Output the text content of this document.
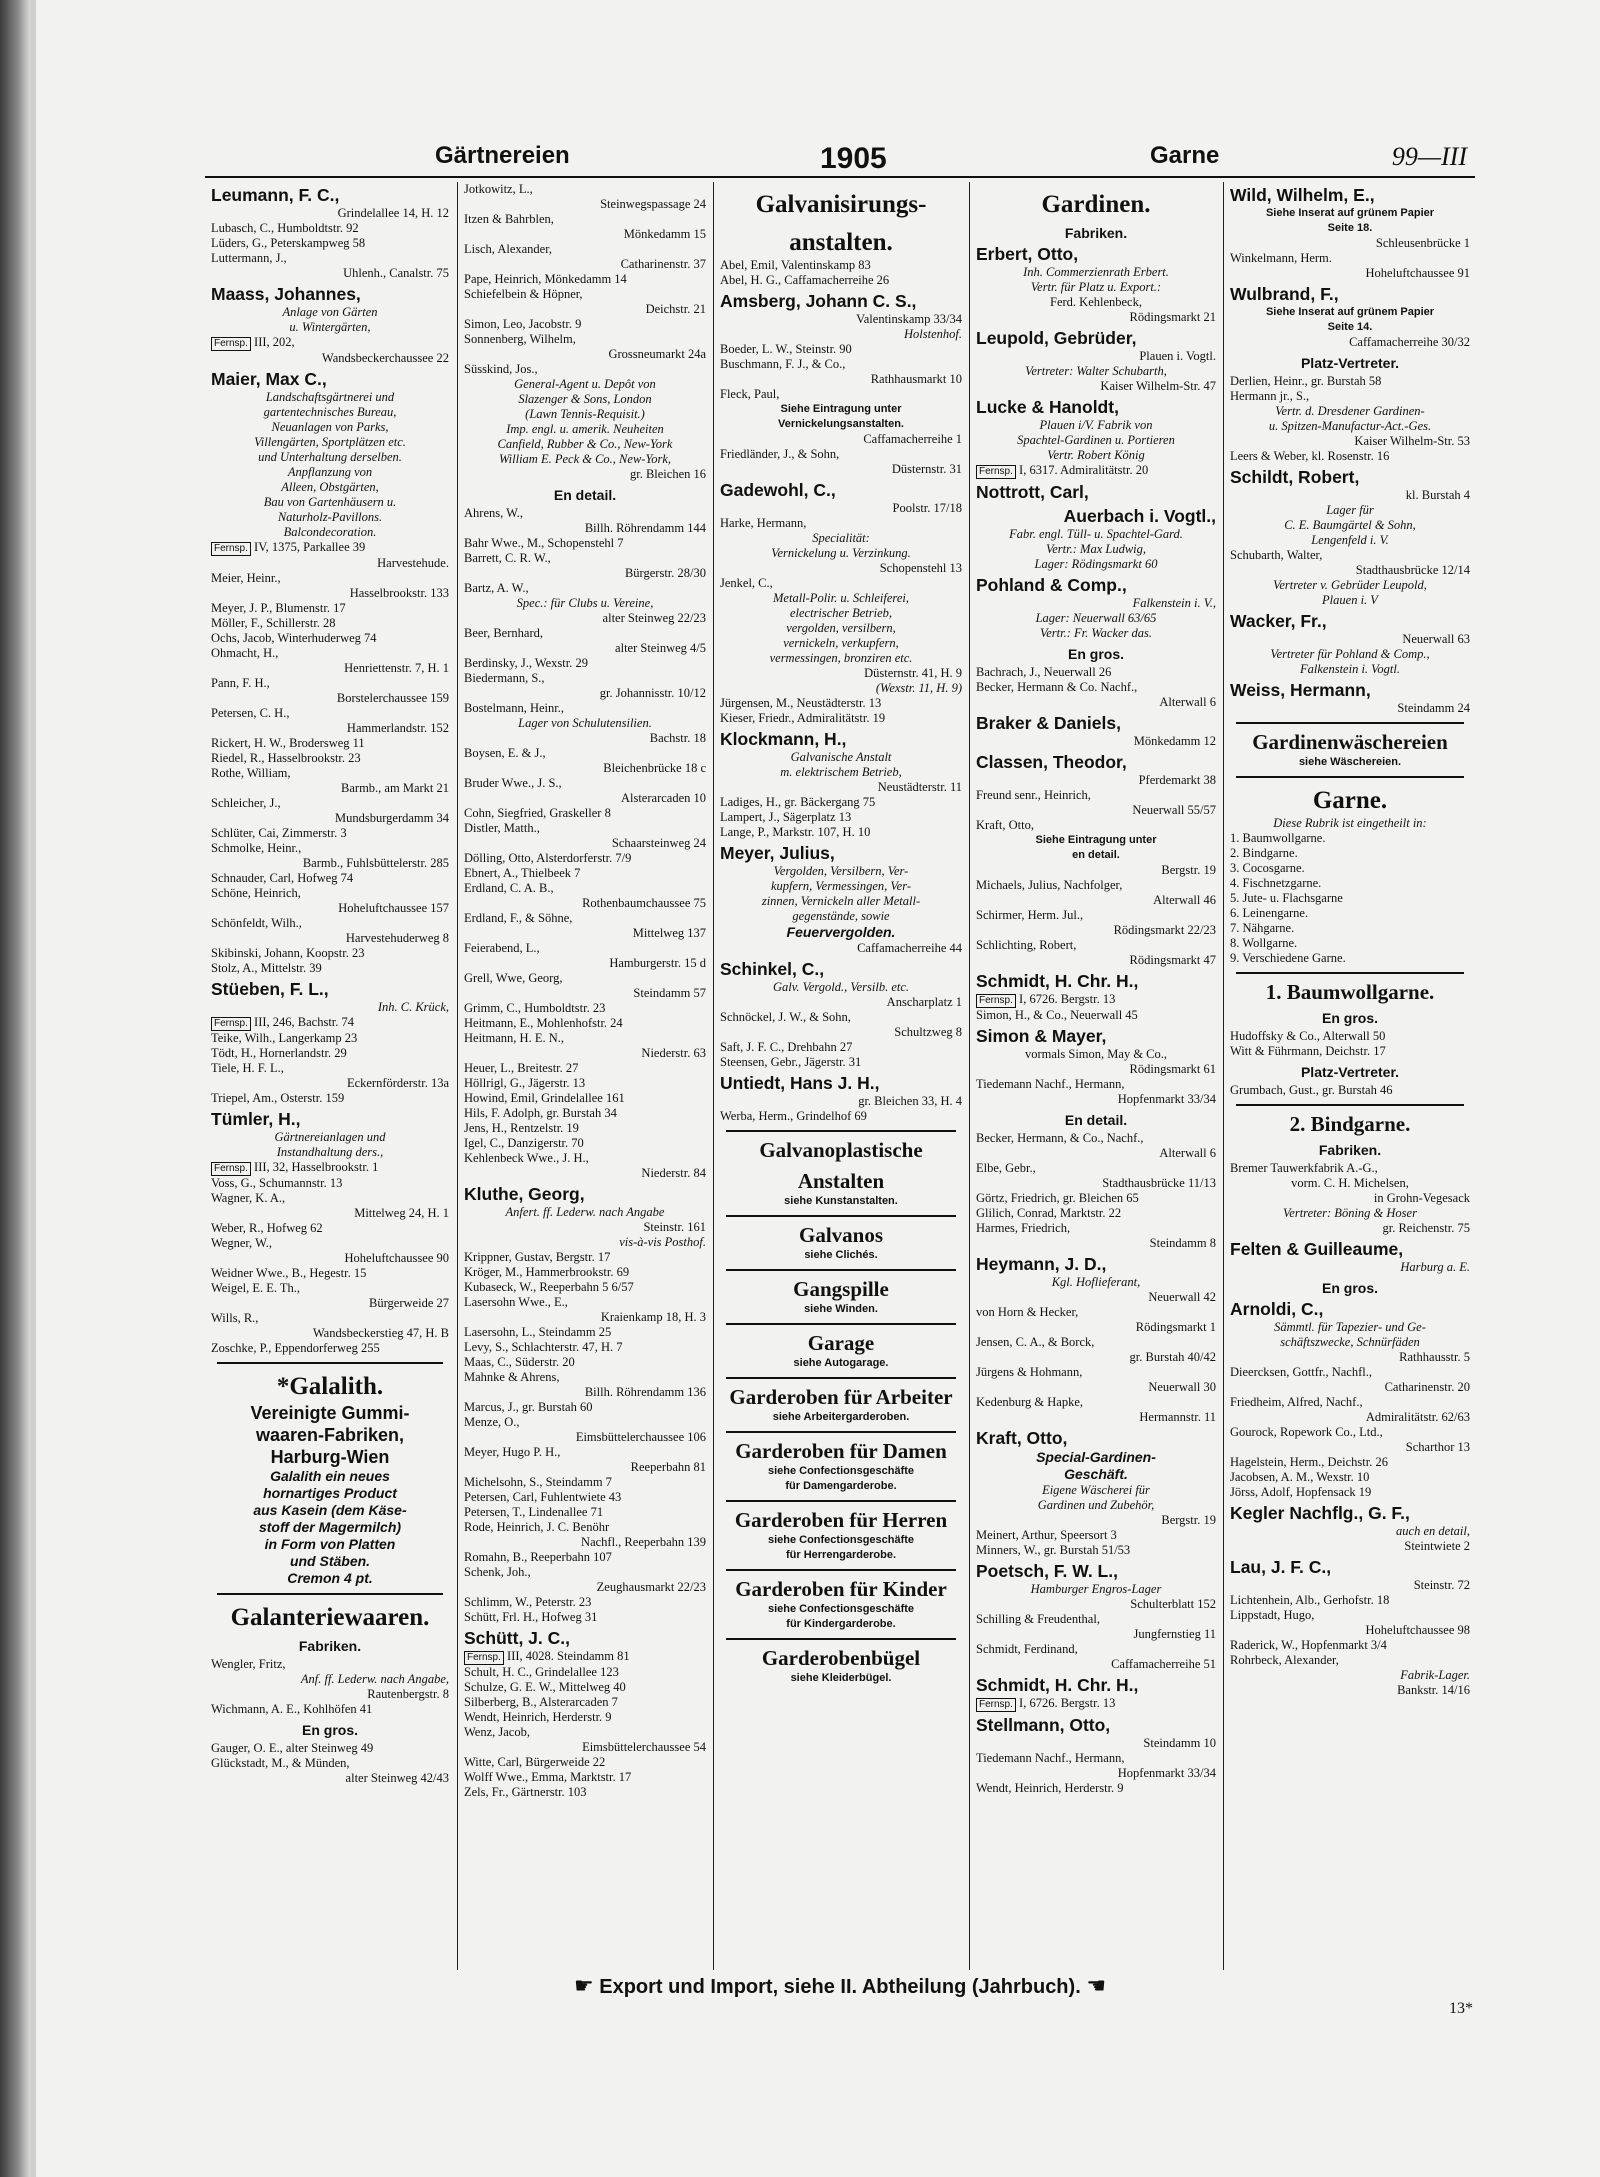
Gärtnereien	1905	Garne	99—III
Leumann, F. C.,
Grindelallee 14, H. 12
Lubasch, C., Humboldtstr. 92
Lüders, G., Peterskampweg 58
Luttermann, J.,
Uhlenh., Canalstr. 75
Maass, Johannes,
Anlage von Gärten
u. Wintergärten,
Fernsp. III, 202,
Wandsbeckerchaussee 22
Maier, Max C.,
Landschaftsgärtnerei und
gartentechnisches Bureau,
Neuanlagen von Parks,
Villengärten, Sportplätzen etc.
und Unterhaltung derselben.
Anpflanzung von
Alleen, Obstgärten,
Bau von Gartenhäusern u.
Naturholz-Pavillons.
Balcondecoration.
Fernsp. IV, 1375, Parkallee 39
Harvestehude.
Meier, Heinr.,
Hasselbrookstr. 133
Meyer, J. P., Blumenstr. 17
Möller, F., Schillerstr. 28
Ochs, Jacob, Winterhuderweg 74
Ohmacht, H.,
Henriettenstr. 7, H. 1
Pann, F. H.,
Borstelerchaussee 159
Petersen, C. H.,
Hammerlandstr. 152
Rickert, H. W., Brodersweg 11
Riedel, R., Hasselbrookstr. 23
Rothe, William,
Barmb., am Markt 21
Schleicher, J.,
Mundsburgerdamm 34
Schlüter, Cai, Zimmerstr. 3
Schmolke, Heinr.,
Barmb., Fuhlsbüttelerstr. 285
Schnauder, Carl, Hofweg 74
Schöne, Heinrich,
Hoheluftchaussee 157
Schönfeldt, Wilh.,
Harvestehuderweg 8
Skibinski, Johann, Koopstr. 23
Stolz, A., Mittelstr. 39
Stüeben, F. L.,
Inh. C. Krück,
Fernsp. III, 246, Bachstr. 74
Teike, Wilh., Langerkamp 23
Tödt, H., Hornerlandstr. 29
Tiele, H. F. L.,
Eckernförderstr. 13a
Triepel, Am., Osterstr. 159
Tümler, H.,
Gärtnereianlagen und
Instandhaltung ders.,
Fernsp. III, 32, Hasselbrookstr. 1
Voss, G., Schumannstr. 13
Wagner, K. A.,
Mittelweg 24, H. 1
Weber, R., Hofweg 62
Wegner, W.,
Hoheluftchaussee 90
Weidner Wwe., B., Hegestr. 15
Weigel, E. E. Th.,
Bürgerweide 27
Wills, R.,
Wandsbeckerstieg 47, H. B
Zoschke, P., Eppendorferweg 255
*Galalith.
Vereinigte Gummi-
waaren-Fabriken,
Harburg-Wien
Galalith ein neues
hornartiges Product
aus Kasein (dem Käse-
stoff der Magermilch)
in Form von Platten
und Stäben.
Cremon 4 pt.
Galanteriewaaren.
Fabriken.
Wengler, Fritz,
Anf. ff. Lederw. nach Angabe,
Rautenbergstr. 8
Wichmann, A. E., Kohlhöfen 41
En gros.
Gauger, O. E., alter Steinweg 49
Glückstadt, M., & Münden,
alter Steinweg 42/43
Jotkowitz, L.,
Steinwegspassage 24
Itzen & Bahrblen,
Mönkedamm 15
Lisch, Alexander,
Catharinenstr. 37
Pape, Heinrich, Mönkedamm 14
Schiefelbein & Höpner,
Deichstr. 21
Simon, Leo, Jacobstr. 9
Sonnenberg, Wilhelm,
Grossneumarkt 24a
Süsskind, Jos.,
General-Agent u. Depôt von
Slazenger & Sons, London
(Lawn Tennis-Requisit.)
Imp. engl. u. amerik. Neuheiten
Canfield, Rubber & Co., New-York
William E. Peck & Co., New-York,
gr. Bleichen 16
En detail.
Ahrens, W.,
Billh. Röhrendamm 144
Bahr Wwe., M., Schopenstehl 7
Barrett, C. R. W.,
Bürgerstr. 28/30
Bartz, A. W.,
Spec.: für Clubs u. Vereine,
alter Steinweg 22/23
Beer, Bernhard,
alter Steinweg 4/5
Berdinsky, J., Wexstr. 29
Biedermann, S.,
gr. Johannisstr. 10/12
Bostelmann, Heinr.,
Lager von Schulutensilien.
Bachstr. 18
Boysen, E. & J.,
Bleichenbrücke 18 c
Bruder Wwe., J. S.,
Alsterarcaden 10
Cohn, Siegfried, Graskeller 8
Distler, Matth.,
Schaarsteinweg 24
Dölling, Otto, Alsterdorferstr. 7/9
Ebnert, A., Thielbeek 7
Erdland, C. A. B.,
Rothenbaumchaussee 75
Erdland, F., & Söhne,
Mittelweg 137
Feierabend, L.,
Hamburgerstr. 15 d
Grell, Wwe, Georg,
Steindamm 57
Grimm, C., Humboldtstr. 23
Heitmann, E., Mohlenhofstr. 24
Heitmann, H. E. N.,
Niederstr. 63
Heuer, L., Breitestr. 27
Höllrigl, G., Jägerstr. 13
Howind, Emil, Grindelallee 161
Hils, F. Adolph, gr. Burstah 34
Jens, H., Rentzelstr. 19
Igel, C., Danzigerstr. 70
Kehlenbeck Wwe., J. H.,
Niederstr. 84
Kluthe, Georg,
Anfert. ff. Lederw. nach Angabe
Steinstr. 161
vis-à-vis Posthof.
Krippner, Gustav, Bergstr. 17
Kröger, M., Hammerbrookstr. 69
Kubaseck, W., Reeperbahn 5 6/57
Lasersohn Wwe., E.,
Kraienkamp 18, H. 3
Lasersohn, L., Steindamm 25
Levy, S., Schlachterstr. 47, H. 7
Maas, C., Süderstr. 20
Mahnke & Ahrens,
Billh. Röhrendamm 136
Marcus, J., gr. Burstah 60
Menze, O.,
Eimsbüttelerchaussee 106
Meyer, Hugo P. H.,
Reeperbahn 81
Michelsohn, S., Steindamm 7
Petersen, Carl, Fuhlentwiete 43
Petersen, T., Lindenallee 71
Rode, Heinrich, J. C. Benöhr
Nachfl., Reeperbahn 139
Romahn, B., Reeperbahn 107
Schenk, Joh.,
Zeughausmarkt 22/23
Schlimm, W., Peterstr. 23
Schütt, Frl. H., Hofweg 31
Schütt, J. C.,
Fernsp. III, 4028. Steindamm 81
Schult, H. C., Grindelallee 123
Schulze, G. E. W., Mittelweg 40
Silberberg, B., Alsterarcaden 7
Wendt, Heinrich, Herderstr. 9
Wenz, Jacob,
Eimsbüttelerchaussee 54
Witte, Carl, Bürgerweide 22
Wolff Wwe., Emma, Marktstr. 17
Zels, Fr., Gärtnerstr. 103
Galvanisirungs-
anstalten.
Abel, Emil, Valentinskamp 83
Abel, H. G., Caffamacherreihe 26
Amsberg, Johann C. S.,
Valentinskamp 33/34
Holstenhof.
Boeder, L. W., Steinstr. 90
Buschmann, F. J., & Co.,
Rathhausmarkt 10
Fleck, Paul,
Siehe Eintragung unter
Vernickelungsanstalten.
Caffamacherreihe 1
Friedländer, J., & Sohn,
Düsternstr. 31
Gadewohl, C.,
Poolstr. 17/18
Harke, Hermann,
Specialität:
Vernickelung u. Verzinkung.
Schopenstehl 13
Jenkel, C.,
Metall-Polir. u. Schleiferei,
electrischer Betrieb,
vergolden, versilbern,
vernickeln, verkupfern,
vermessingen, bronziren etc.
Düsternstr. 41, H. 9
(Wexstr. 11, H. 9)
Jürgensen, M., Neustädterstr. 13
Kieser, Friedr., Admiralitätstr. 19
Klockmann, H.,
Galvanische Anstalt
m. elektrischem Betrieb,
Neustädterstr. 11
Ladiges, H., gr. Bäckergang 75
Lampert, J., Sägerplatz 13
Lange, P., Markstr. 107, H. 10
Meyer, Julius,
Vergolden, Versilbern, Ver-
kupfern, Vermessingen, Ver-
zinnen, Vernickeln aller Metall-
gegenstände, sowie
Feuervergolden.
Caffamacherreihe 44
Schinkel, C.,
Galv. Vergold., Versilb. etc.
Anscharplatz 1
Schnöckel, J. W., & Sohn,
Schultzweg 8
Saft, J. F. C., Drehbahn 27
Steensen, Gebr., Jägerstr. 31
Untiedt, Hans J. H.,
gr. Bleichen 33, H. 4
Werba, Herm., Grindelhof 69
Galvanoplastische
Anstalten
siehe Kunstanstalten.
Galvanos
siehe Clichés.
Gangspille
siehe Winden.
Garage
siehe Autogarage.
Garderoben für Arbeiter
siehe Arbeitergarderoben.
Garderoben für Damen
siehe Confectionsgeschäfte
für Damengarderobe.
Garderoben für Herren
siehe Confectionsgeschäfte
für Herrengarderobe.
Garderoben für Kinder
siehe Confectionsgeschäfte
für Kindergarderobe.
Garderobenbügel
siehe Kleiderbügel.
Gardinen.
Fabriken.
Erbert, Otto,
Inh. Commerzienrath Erbert.
Vertr. für Platz u. Export.:
Ferd. Kehlenbeck,
Rödingsmarkt 21
Leupold, Gebrüder,
Plauen i. Vogtl.
Vertreter: Walter Schubarth,
Kaiser Wilhelm-Str. 47
Lucke & Hanoldt,
Plauen i/V. Fabrik von
Spachtel-Gardinen u. Portieren
Vertr. Robert König
Fernsp. I, 6317. Admiralitätstr. 20
Nottrott, Carl,
Auerbach i. Vogtl.,
Fabr. engl. Tüll- u. Spachtel-Gard.
Vertr.: Max Ludwig,
Lager: Rödingsmarkt 60
Pohland & Comp.,
Falkenstein i. V.,
Lager: Neuerwall 63/65
Vertr.: Fr. Wacker das.
En gros.
Bachrach, J., Neuerwall 26
Becker, Hermann & Co. Nachf.,
Alterwall 6
Braker & Daniels,
Mönkedamm 12
Classen, Theodor,
Pferdemarkt 38
Freund senr., Heinrich,
Neuerwall 55/57
Kraft, Otto,
Siehe Eintragung unter
en detail.
Bergstr. 19
Michaels, Julius, Nachfolger,
Alterwall 46
Schirmer, Herm. Jul.,
Rödingsmarkt 22/23
Schlichting, Robert,
Rödingsmarkt 47
Schmidt, H. Chr. H.,
Fernsp. I, 6726. Bergstr. 13
Simon, H., & Co., Neuerwall 45
Simon & Mayer,
vormals Simon, May & Co.,
Rödingsmarkt 61
Tiedemann Nachf., Hermann,
Hopfenmarkt 33/34
En detail.
Becker, Hermann, & Co., Nachf.,
Alterwall 6
Elbe, Gebr.,
Stadthausbrücke 11/13
Görtz, Friedrich, gr. Bleichen 65
Glilich, Conrad, Marktstr. 22
Harmes, Friedrich,
Steindamm 8
Heymann, J. D.,
Kgl. Hoflieferant,
Neuerwall 42
von Horn & Hecker,
Rödingsmarkt 1
Jensen, C. A., & Borck,
gr. Burstah 40/42
Jürgens & Hohmann,
Neuerwall 30
Kedenburg & Hapke,
Hermannstr. 11
Kraft, Otto,
Special-Gardinen-
Geschäft.
Eigene Wäscherei für
Gardinen und Zubehör,
Bergstr. 19
Meinert, Arthur, Speersort 3
Minners, W., gr. Burstah 51/53
Poetsch, F. W. L.,
Hamburger Engros-Lager
Schulterblatt 152
Schilling & Freudenthal,
Jungfernstieg 11
Schmidt, Ferdinand,
Caffamacherreihe 51
Schmidt, H. Chr. H.,
Fernsp. I, 6726. Bergstr. 13
Stellmann, Otto,
Steindamm 10
Tiedemann Nachf., Hermann,
Hopfenmarkt 33/34
Wendt, Heinrich, Herderstr. 9
Wild, Wilhelm, E.,
Siehe Inserat auf grünem Papier
Seite 18.
Schleusenbrücke 1
Winkelmann, Herm.
Hoheluftchaussee 91
Wulbrand, F.,
Siehe Inserat auf grünem Papier
Seite 14.
Caffamacherreihe 30/32
Platz-Vertreter.
Derlien, Heinr., gr. Burstah 58
Hermann jr., S.,
Vertr. d. Dresdener Gardinen-
u. Spitzen-Manufactur-Act.-Ges.
Kaiser Wilhelm-Str. 53
Leers & Weber, kl. Rosenstr. 16
Schildt, Robert,
kl. Burstah 4
Lager für
C. E. Baumgärtel & Sohn,
Lengenfeld i. V.
Schubarth, Walter,
Stadthausbrücke 12/14
Vertreter v. Gebrüder Leupold,
Plauen i. V
Wacker, Fr.,
Neuerwall 63
Vertreter für Pohland & Comp.,
Falkenstein i. Vogtl.
Weiss, Hermann,
Steindamm 24
Gardinenwäschereien
siehe Wäschereien.
Garne.
Diese Rubrik ist eingetheilt in:
1. Baumwollgarne.
2. Bindgarne.
3. Cocosgarne.
4. Fischnetzgarne.
5. Jute- u. Flachsgarne
6. Leinengarne.
7. Nähgarne.
8. Wollgarne.
9. Verschiedene Garne.
1. Baumwollgarne.
En gros.
Hudoffsky & Co., Alterwall 50
Witt & Führmann, Deichstr. 17
Platz-Vertreter.
Grumbach, Gust., gr. Burstah 46
2. Bindgarne.
Fabriken.
Bremer Tauwerkfabrik A.-G.,
vorm. C. H. Michelsen,
in Grohn-Vegesack
Vertreter: Böning & Hoser
gr. Reichenstr. 75
Felten & Guilleaume,
Harburg a. E.
En gros.
Arnoldi, C.,
Sämmtl. für Tapezier- und Ge-
schäftszwecke, Schnürfäden
Rathhausstr. 5
Dieercksen, Gottfr., Nachfl.,
Catharinenstr. 20
Friedheim, Alfred, Nachf.,
Admiralitätstr. 62/63
Gourock, Ropework Co., Ltd.,
Scharthor 13
Hagelstein, Herm., Deichstr. 26
Jacobsen, A. M., Wexstr. 10
Jörss, Adolf, Hopfensack 19
Kegler Nachflg., G. F.,
auch en detail,
Steintwiete 2
Lau, J. F. C.,
Steinstr. 72
Lichtenhein, Alb., Gerhofstr. 18
Lippstadt, Hugo,
Hoheluftchaussee 98
Raderick, W., Hopfenmarkt 3/4
Rohrbeck, Alexander,
Fabrik-Lager.
Bankstr. 14/16
☛ Export und Import, siehe II. Abtheilung (Jahrbuch). ☚
13*
